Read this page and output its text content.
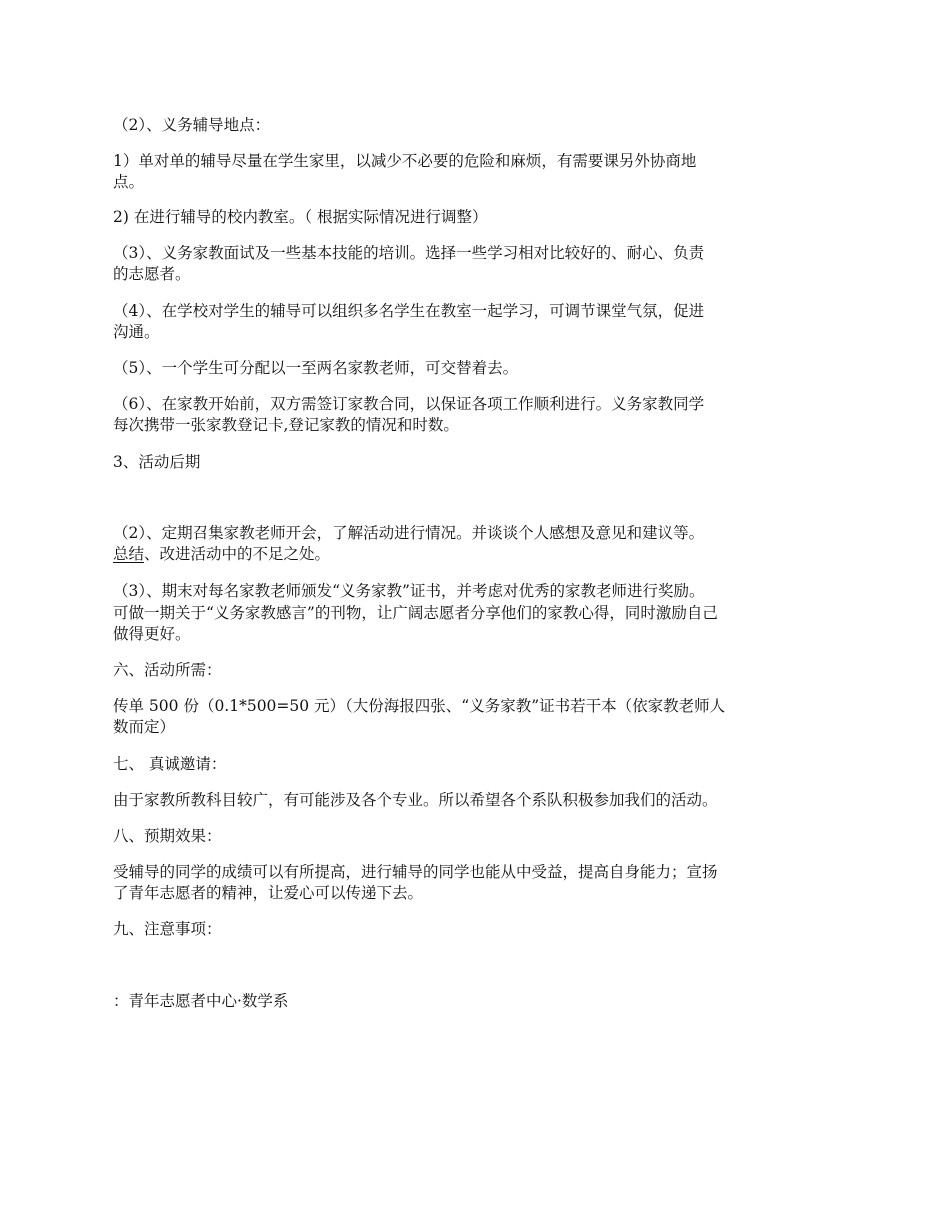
（2）、义务辅导地点：
1）单对单的辅导尽量在学生家里，以减少不必要的危险和麻烦，有需要课另外协商地
点。
2) 在进行辅导的校内教室。（ 根据实际情况进行调整）
（3）、义务家教面试及一些基本技能的培训。选择一些学习相对比较好的、耐心、负责
的志愿者。
（4）、在学校对学生的辅导可以组织多名学生在教室一起学习，可调节课堂气氛，促进
沟通。
（5）、一个学生可分配以一至两名家教老师，可交替着去。
（6）、在家教开始前，双方需签订家教合同，以保证各项工作顺利进行。义务家教同学
每次携带一张家教登记卡,登记家教的情况和时数。
3、活动后期
（2）、定期召集家教老师开会，了解活动进行情况。并谈谈个人感想及意见和建议等。
总结、改进活动中的不足之处。
（3）、期末对每名家教老师颁发“义务家教”证书，并考虑对优秀的家教老师进行奖励。
可做一期关于“义务家教感言”的刊物，让广阔志愿者分享他们的家教心得，同时激励自己
做得更好。
六、活动所需：
传单 500 份（0.1*500=50 元）（大份海报四张、“义务家教”证书若干本（依家教老师人
数而定）
七、 真诚邀请：
由于家教所教科目较广，有可能涉及各个专业。所以希望各个系队积极参加我们的活动。
八、预期效果：
受辅导的同学的成绩可以有所提高，进行辅导的同学也能从中受益，提高自身能力；宣扬
了青年志愿者的精神，让爱心可以传递下去。
九、注意事项：
：青年志愿者中心·数学系
